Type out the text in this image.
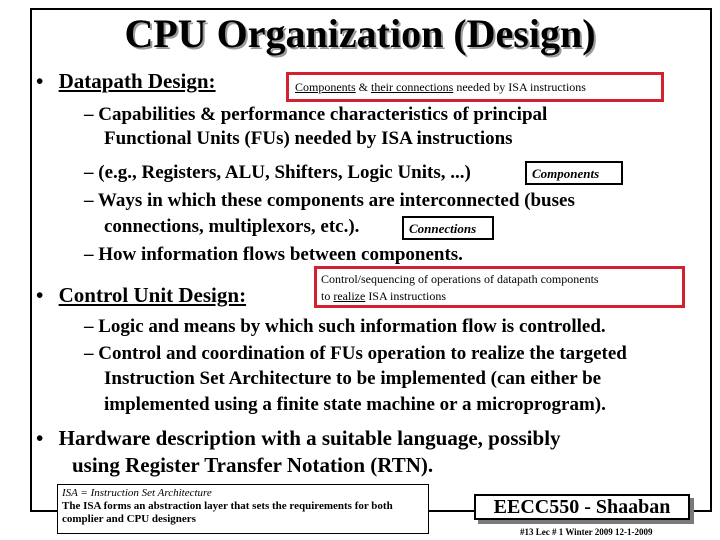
CPU Organization (Design)
• Datapath Design:	Components & their connections needed by ISA instructions
– Capabilities & performance characteristics of principal
Functional Units (FUs) needed by ISA instructions
– (e.g., Registers, ALU, Shifters, Logic Units, ...)	Components
– Ways in which these components are interconnected (buses
connections, multiplexors, etc.).	Connections
– How information flows between components.
• Control Unit Design:
Control/sequencing of operations of datapath components
to realize ISA instructions
– Logic and means by which such information flow is controlled.
– Control and coordination of FUs operation to realize the targeted
Instruction Set Architecture to be implemented (can either be
implemented using a finite state machine or a microprogram).
• Hardware description with a suitable language, possibly
using Register Transfer Notation (RTN).
ISA = Instruction Set Architecture
The ISA forms an abstraction layer that sets the requirements for both
complier and CPU designers
EECC550 - Shaaban
#13 Lec # 1 Winter 2009 12-1-2009
